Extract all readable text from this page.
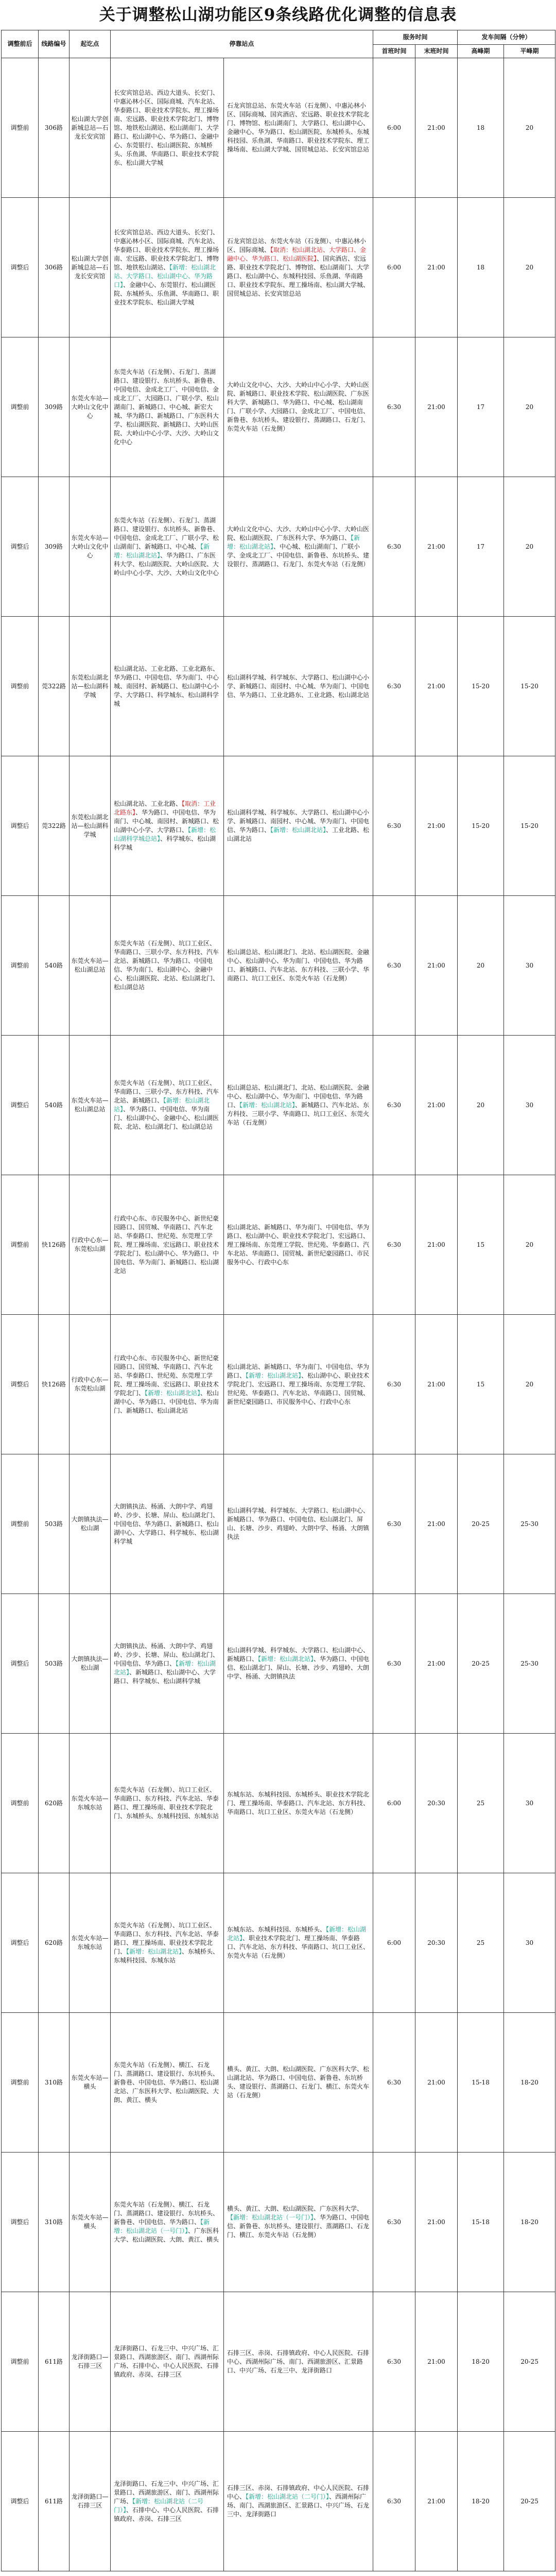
关于调整松山湖功能区9条线路优化调整的信息表
调整前后	线路编号	起讫点	停靠站点		服务时间		发车间隔（分钟）	
					首班时间	末班时间	高峰期	平峰期
调整前	306路	松山湖大学创新城总站—石龙长安宾馆	长安宾馆总站、西边大道头、长安门、中惠沁林小区、国际商城、汽车北站、华泰路口、职业技术学院东、理工操场南、宏远路、职业技术学院北门、博物馆、地铁松山湖站、松山湖南门、大学路口、松山湖中心、华为路口、金融中心、东莞银行、松山湖医院、东城桥头、乐鱼湖、华南路口、职业技术学院东、松山湖大学城	石龙宾馆总站、东莞火车站（石龙侧）、中惠沁林小区、国际商城、国宾酒店、宏远路、职业技术学院北门、博物馆、松山湖南门、大学路口、松山湖中心、金融中心、华为路口、松山湖医院、东城桥头、东城科技园、乐鱼湖、华南路口、职业技术学院东、理工操场南、松山湖大学城、国贸城总站、长安宾馆总站	6:00	21:00	18	20
调整后	306路	松山湖大学创新城总站—石龙长安宾馆	长安宾馆总站、西边大道头、长安门、中惠沁林小区、国际商城、汽车北站、华泰路口、职业技术学院东、理工操场南、宏远路、职业技术学院北门、博物馆、地铁松山湖站、【新增：松山湖北站、大学路口、松山湖中心、华为路口】、金融中心、东莞银行、松山湖医院、东城桥头、乐鱼湖、华南路口、职业技术学院东、松山湖大学城	石龙宾馆总站、东莞火车站（石龙侧）、中惠沁林小区、国际商城、【取消：松山湖北站、大学路口、金融中心、华为路口、松山湖医院】、国宾酒店、宏远路、职业技术学院北门、博物馆、松山湖南门、大学路口、松山湖中心、东城科技园、乐鱼湖、华南路口、职业技术学院东、理工操场南、松山湖大学城、国贸城总站、长安宾馆总站	6:00	21:00	18	20
调整前	309路	东莞火车站—大岭山文化中心	东莞火车站（石龙侧）、石龙门、蒸湖路口、建设银行、东坑桥头、新鲁巷、中国电信、金成北工厂、中国电信、金成北工厂、大园路口、广联小学、松山湖南门、新城路口、中心城、新宏大城、华为路口、新城路口、广东医科大学、松山湖医院、新城路口、大岭山医院、大岭山中心小学、大沙、大岭山文化中心	大岭山文化中心、大沙、大岭山中心小学、大岭山医院、新城路口、职业技术学院、松山湖医院、广东医科大学、新城路口、华为路口、中心城、松山湖南门、广联小学、大园路口、金成北工厂、中国电信、新鲁巷、东坑桥头、建设银行、蒸湖路口、石龙门、东莞火车站（石龙侧）	6:30	21:00	17	20
调整后	309路	东莞火车站—大岭山文化中心	东莞火车站（石龙侧）、石龙门、蒸湖路口、建设银行、东坑桥头、新鲁巷、中国电信、金成北工厂、广联小学、松山湖南门、新城路口、中心城、【新增：松山湖北站】、华为路口、广东医科大学、松山湖医院、大岭山医院、大岭山中心小学、大沙、大岭山文化中心	大岭山文化中心、大沙、大岭山中心小学、大岭山医院、松山湖医院、广东医科大学、华为路口、【新增：松山湖北站】、中心城、松山湖南门、广联小学、金成北工厂、中国电信、新鲁巷、东坑桥头、建设银行、蒸湖路口、石龙门、东莞火车站（石龙侧）	6:30	21:00	17	20
调整前	莞322路	东莞松山湖北站—松山湖科学城	松山湖北站、工业北路、工业北路东、华为路口、中国电信、华为南门、中心城、南园村、新城路口、松山湖中心小学、大学路口、科学城东、松山湖科学城	松山湖科学城、科学城东、大学路口、松山湖中心小学、新城路口、南园村、中心城、华为南门、中国电信、华为路口、工业北路东、工业北路、松山湖北站	6:30	21:00	15-20	15-20
调整后	莞322路	东莞松山湖北站—松山湖科学城	松山湖北站、工业北路、【取消：工业北路东】、华为路口、中国电信、华为南门、中心城、南园村、新城路口、松山湖中心小学、大学路口、【新增：松山湖科学城总站】、科学城东、松山湖科学城	松山湖科学城、科学城东、大学路口、松山湖中心小学、新城路口、南园村、中心城、华为南门、中国电信、华为路口、【新增：松山湖北站】、工业北路、松山湖北站	6:30	21:00	15-20	15-20
调整前	540路	东莞火车站—松山湖总站	东莞火车站（石龙侧）、坑口工业区、华南路口、三联小学、东方科技、汽车北站、新城路口、华为路口、中国电信、华为南门、松山湖中心、金融中心、松山湖医院、北站、松山湖北门、松山湖总站	松山湖总站、松山湖北门、北站、松山湖医院、金融中心、松山湖中心、华为南门、中国电信、华为路口、新城路口、汽车北站、东方科技、三联小学、华南路口、坑口工业区、东莞火车站（石龙侧）	6:30	21:00	20	30
调整后	540路	东莞火车站—松山湖总站	东莞火车站（石龙侧）、坑口工业区、华南路口、三联小学、东方科技、汽车北站、新城路口、【新增：松山湖北站】、华为路口、中国电信、华为南门、松山湖中心、金融中心、松山湖医院、北站、松山湖北门、松山湖总站	松山湖总站、松山湖北门、北站、松山湖医院、金融中心、松山湖中心、华为南门、中国电信、华为路口、【新增：松山湖北站】、新城路口、汽车北站、东方科技、三联小学、华南路口、坑口工业区、东莞火车站（石龙侧）	6:30	21:00	20	30
调整前	快126路	行政中心东—东莞松山湖	行政中心东、市民服务中心、新世纪豪园路口、国贸城、华南路口、汽车北站、华泰路口、世纪苑、东莞理工学院、理工操场南、宏远路口、职业技术学院北门、松山湖中心、华为路口、中国电信、华为南门、新城路口、松山湖北站	松山湖北站、新城路口、华为南门、中国电信、华为路口、松山湖中心、职业技术学院北门、宏远路口、理工操场南、东莞理工学院、世纪苑、华泰路口、汽车北站、华南路口、国贸城、新世纪豪园路口、市民服务中心、行政中心东	6:30	21:00	15	20
调整后	快126路	行政中心东—东莞松山湖	行政中心东、市民服务中心、新世纪豪园路口、国贸城、华南路口、汽车北站、华泰路口、世纪苑、东莞理工学院、理工操场南、宏远路口、职业技术学院北门、【新增：松山湖北站】、松山湖中心、华为路口、中国电信、华为南门、新城路口、松山湖北站	松山湖北站、新城路口、华为南门、中国电信、华为路口、【新增：松山湖北站】、松山湖中心、职业技术学院北门、宏远路口、理工操场南、东莞理工学院、世纪苑、华泰路口、汽车北站、华南路口、国贸城、新世纪豪园路口、市民服务中心、行政中心东	6:30	21:00	15	20
调整前	503路	大朗镇执法—松山湖	大朗镇执法、杨涌、大朗中学、鸡翅岭、沙步、长塘、屏山、松山湖北门、中国电信、华为路口、新城路口、松山湖中心、大学路口、科学城东、松山湖科学城	松山湖科学城、科学城东、大学路口、松山湖中心、新城路口、华为路口、中国电信、松山湖北门、屏山、长塘、沙步、鸡翅岭、大朗中学、杨涌、大朗镇执法	6:30	21:00	20-25	25-30
调整后	503路	大朗镇执法—松山湖	大朗镇执法、杨涌、大朗中学、鸡翅岭、沙步、长塘、屏山、松山湖北门、中国电信、华为路口、【新增：松山湖北站】、新城路口、松山湖中心、大学路口、科学城东、松山湖科学城	松山湖科学城、科学城东、大学路口、松山湖中心、新城路口、【新增：松山湖北站】、华为路口、中国电信、松山湖北门、屏山、长塘、沙步、鸡翅岭、大朗中学、杨涌、大朗镇执法	6:30	21:00	20-25	25-30
调整前	620路	东莞火车站—东城东站	东莞火车站（石龙侧）、坑口工业区、华南路口、东方科技、汽车北站、华泰路口、理工操场南、职业技术学院北门、东城桥头、东城科技园、东城东站	东城东站、东城科技园、东城桥头、职业技术学院北门、理工操场南、华泰路口、汽车北站、东方科技、华南路口、坑口工业区、东莞火车站（石龙侧）	6:00	20:30	25	30
调整后	620路	东莞火车站—东城东站	东莞火车站（石龙侧）、坑口工业区、华南路口、东方科技、汽车北站、华泰路口、理工操场南、职业技术学院北门、【新增：松山湖北站】、东城桥头、东城科技园、东城东站	东城东站、东城科技园、东城桥头、【新增：松山湖北站】、职业技术学院北门、理工操场南、华泰路口、汽车北站、东方科技、华南路口、坑口工业区、东莞火车站（石龙侧）	6:00	20:30	25	30
调整前	310路	东莞火车站—横头	东莞火车站（石龙侧）、横江、石龙门、蒸湖路口、建设银行、东坑桥头、新鲁巷、中国电信、华为路口、松山湖北站、广东医科大学、松山湖医院、大朗、黄江、横头	横头、黄江、大朗、松山湖医院、广东医科大学、松山湖北站、华为路口、中国电信、新鲁巷、东坑桥头、建设银行、蒸湖路口、石龙门、横江、东莞火车站（石龙侧）	6:30	21:00	15-18	18-20
调整后	310路	东莞火车站—横头	东莞火车站（石龙侧）、横江、石龙门、蒸湖路口、建设银行、东坑桥头、新鲁巷、中国电信、华为路口、【新增：松山湖北站（一号门）】、广东医科大学、松山湖医院、大朗、黄江、横头	横头、黄江、大朗、松山湖医院、广东医科大学、【新增：松山湖北站（一号门）】、华为路口、中国电信、新鲁巷、东坑桥头、建设银行、蒸湖路口、石龙门、横江、东莞火车站（石龙侧）	6:30	21:00	15-18	18-20
调整前	611路	龙泽街路口—石排三区	龙泽街路口、石龙三中、中兴广场、汇景路口、西湖旅游区、南门、西湖州际广场、石排中心、中心人民医院、石排镇政府、赤岗、石排三区	石排三区、赤岗、石排镇政府、中心人民医院、石排中心、西湖州际广场、南门、西湖旅游区、汇景路口、中兴广场、石龙三中、龙泽街路口	6:30	21:00	18-20	20-25
调整后	611路	龙泽街路口—石排三区	龙泽街路口、石龙三中、中兴广场、汇景路口、西湖旅游区、南门、西湖州际广场、【新增：松山湖北站（二号门）】、石排中心、中心人民医院、石排镇政府、赤岗、石排三区	石排三区、赤岗、石排镇政府、中心人民医院、石排中心、【新增：松山湖北站（二号门）】、西湖州际广场、南门、西湖旅游区、汇景路口、中兴广场、石龙三中、龙泽街路口	6:30	21:00	18-20	20-25
